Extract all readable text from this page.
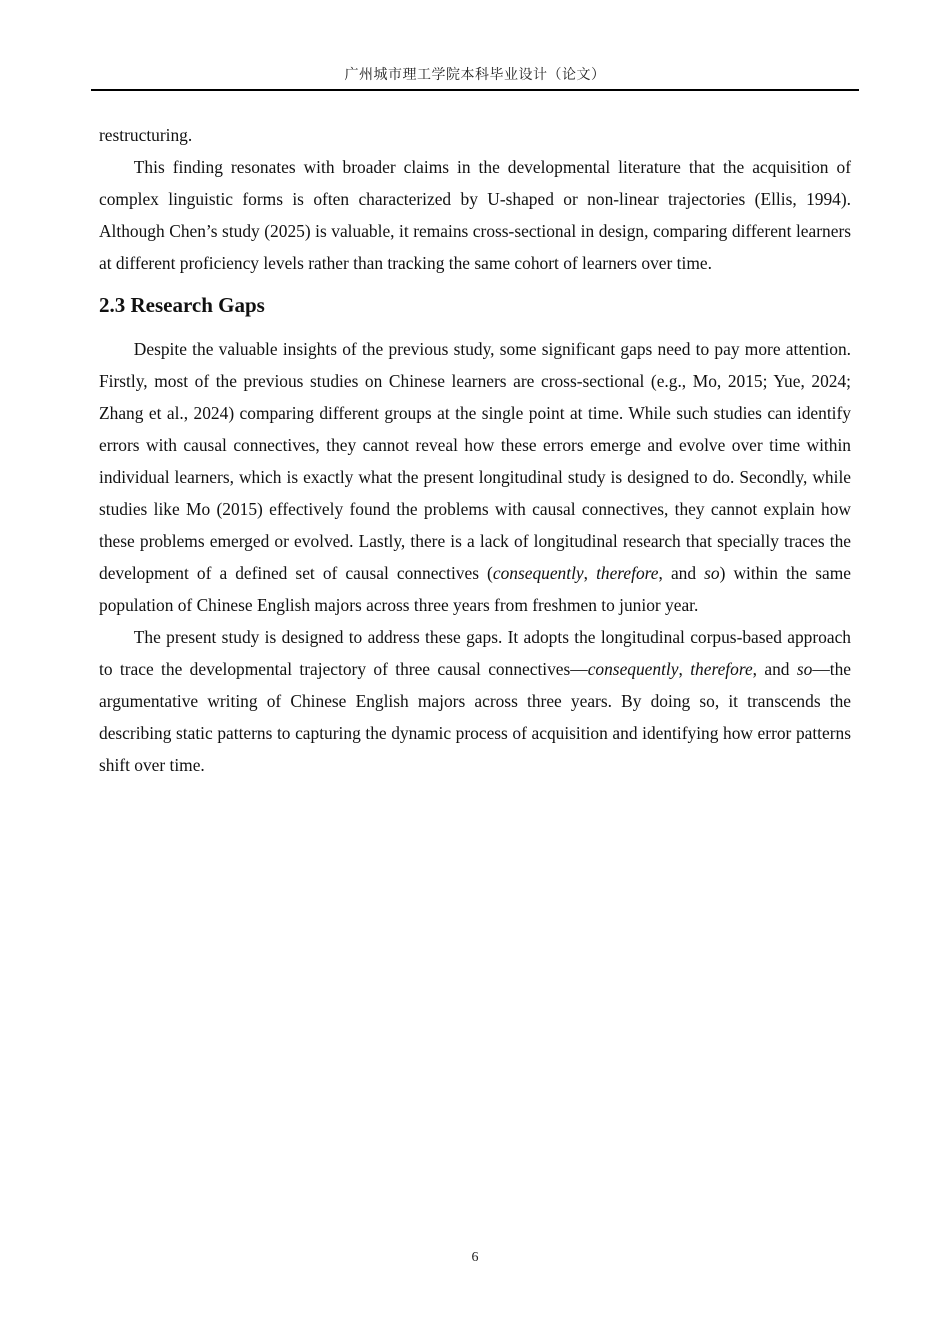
广州城市理工学院本科毕业设计（论文）

restructuring.

This finding resonates with broader claims in the developmental literature that the acquisition of complex linguistic forms is often characterized by U-shaped or non-linear trajectories (Ellis, 1994). Although Chen’s study (2025) is valuable, it remains cross-sectional in design, comparing different learners at different proficiency levels rather than tracking the same cohort of learners over time.

2.3 Research Gaps

Despite the valuable insights of the previous study, some significant gaps need to pay more attention. Firstly, most of the previous studies on Chinese learners are cross-sectional (e.g., Mo, 2015; Yue, 2024; Zhang et al., 2024) comparing different groups at the single point at time. While such studies can identify errors with causal connectives, they cannot reveal how these errors emerge and evolve over time within individual learners, which is exactly what the present longitudinal study is designed to do. Secondly, while studies like Mo (2015) effectively found the problems with causal connectives, they cannot explain how these problems emerged or evolved. Lastly, there is a lack of longitudinal research that specially traces the development of a defined set of causal connectives (consequently, therefore, and so) within the same population of Chinese English majors across three years from freshmen to junior year.

The present study is designed to address these gaps. It adopts the longitudinal corpus-based approach to trace the developmental trajectory of three causal connectives—consequently, therefore, and so—the argumentative writing of Chinese English majors across three years. By doing so, it transcends the describing static patterns to capturing the dynamic process of acquisition and identifying how error patterns shift over time.

6
